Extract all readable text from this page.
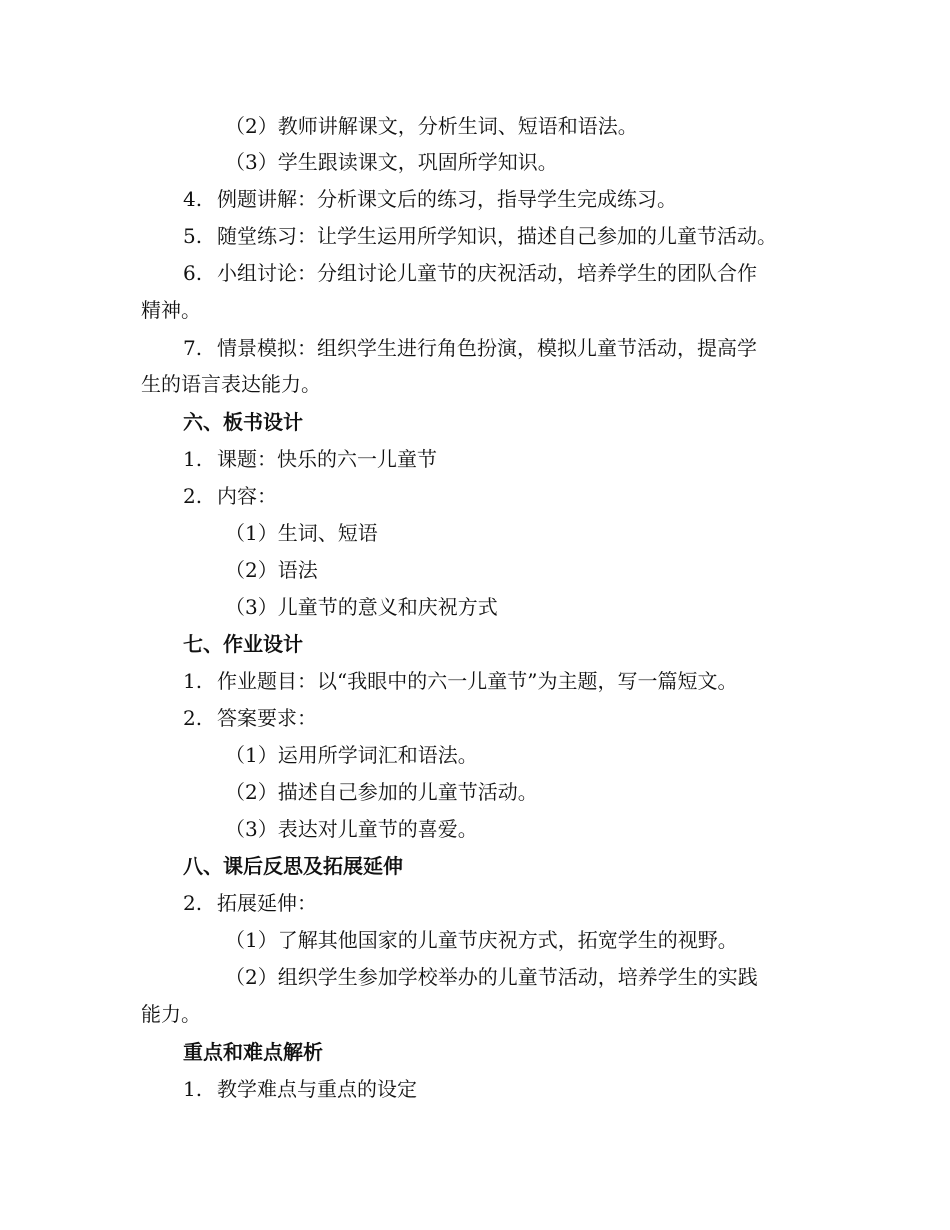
（2）教师讲解课文，分析生词、短语和语法。
（3）学生跟读课文，巩固所学知识。
4. 例题讲解：分析课文后的练习，指导学生完成练习。
5. 随堂练习：让学生运用所学知识，描述自己参加的儿童节活动。
6. 小组讨论：分组讨论儿童节的庆祝活动，培养学生的团队合作
精神。
7. 情景模拟：组织学生进行角色扮演，模拟儿童节活动，提高学
生的语言表达能力。
六、板书设计
1. 课题：快乐的六一儿童节
2. 内容：
（1）生词、短语
（2）语法
（3）儿童节的意义和庆祝方式
七、作业设计
1. 作业题目：以“我眼中的六一儿童节”为主题，写一篇短文。
2. 答案要求：
（1）运用所学词汇和语法。
（2）描述自己参加的儿童节活动。
（3）表达对儿童节的喜爱。
八、课后反思及拓展延伸
2. 拓展延伸：
（1）了解其他国家的儿童节庆祝方式，拓宽学生的视野。
（2）组织学生参加学校举办的儿童节活动，培养学生的实践
能力。
重点和难点解析
1. 教学难点与重点的设定
